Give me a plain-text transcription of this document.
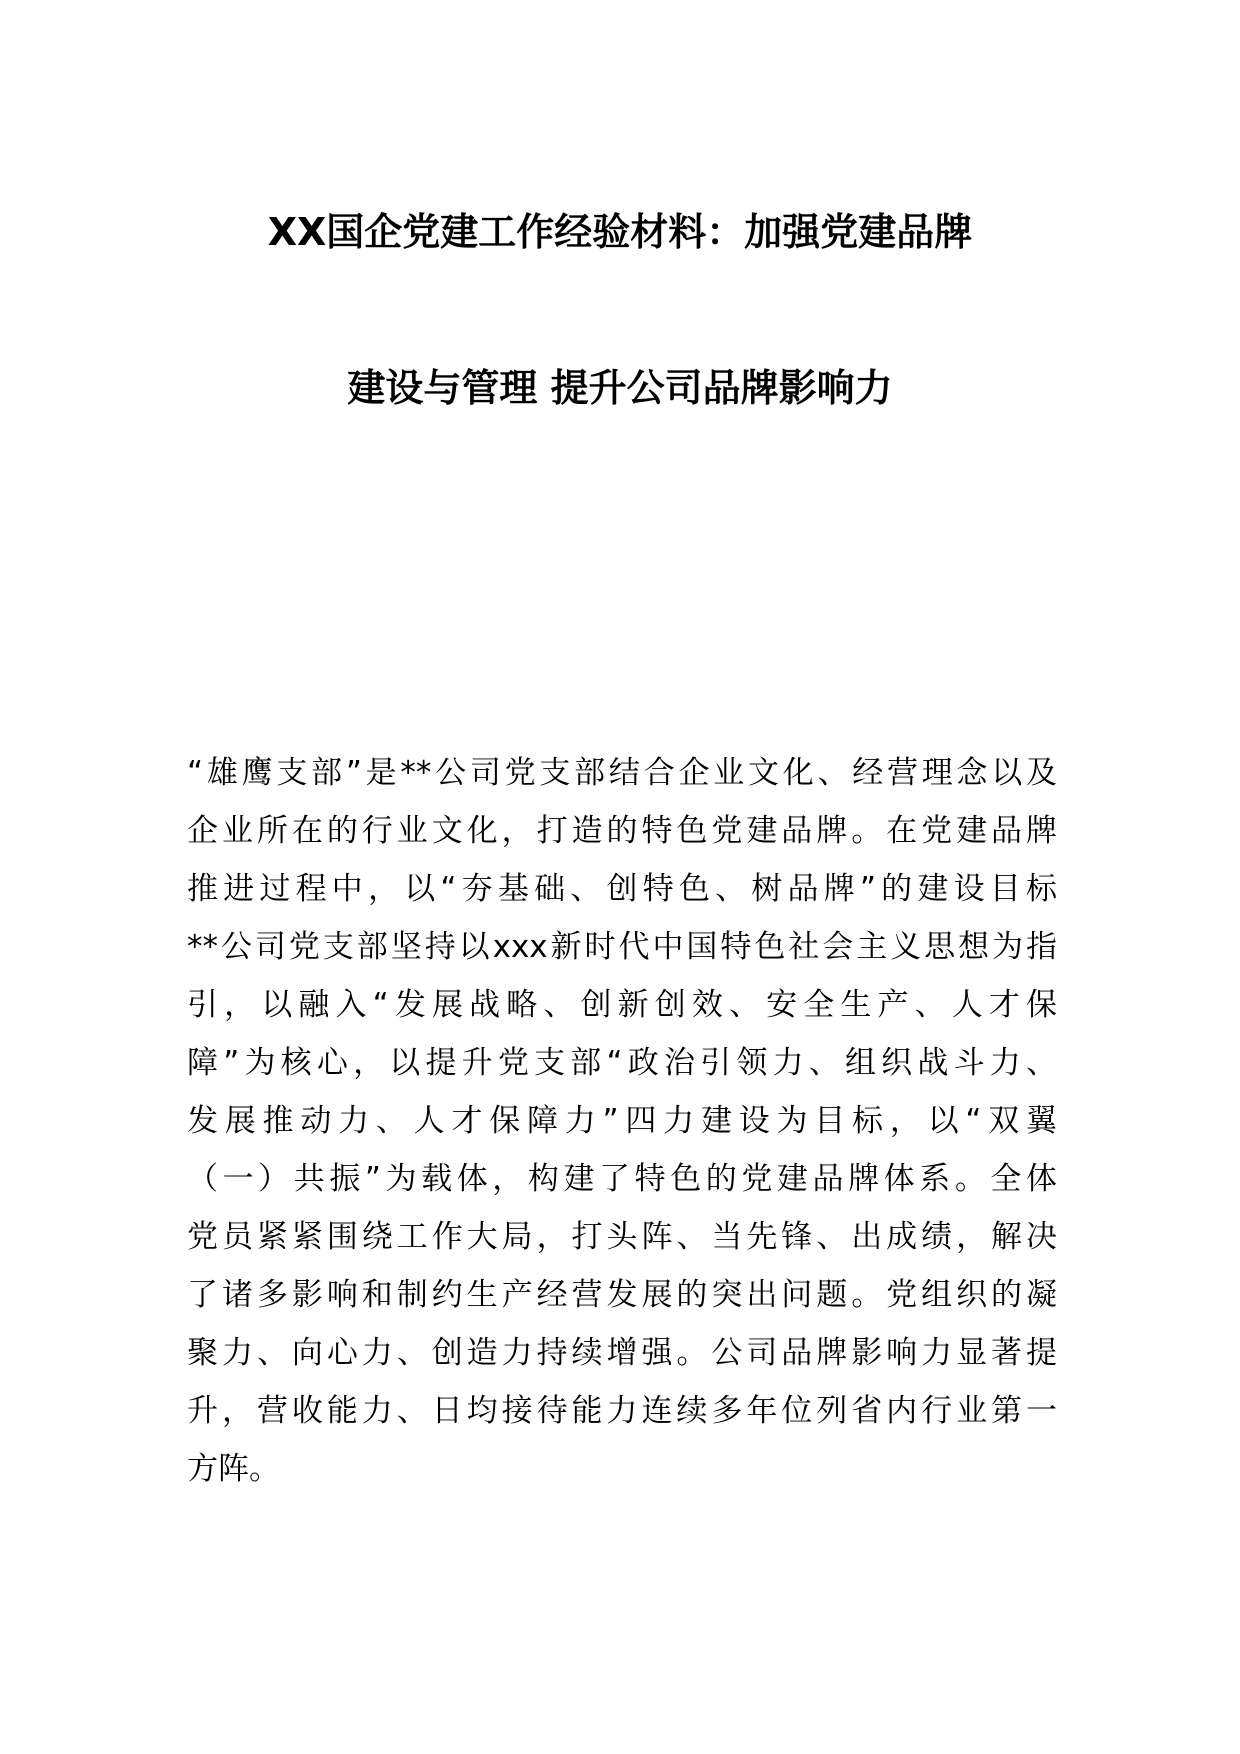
XX国企党建工作经验材料：加强党建品牌
建设与管理 提升公司品牌影响力
“雄鹰支部”是**公司党支部结合企业文化、经营理念以及
企业所在的行业文化，打造的特色党建品牌。在党建品牌
推进过程中，以“夯基础、创特色、树品牌”的建设目标
**公司党支部坚持以xxx新时代中国特色社会主义思想为指
引，以融入“发展战略、创新创效、安全生产、人才保
障”为核心，以提升党支部“政治引领力、组织战斗力、
发展推动力、人才保障力”四力建设为目标，以“双翼
（一）共振”为载体，构建了特色的党建品牌体系。全体
党员紧紧围绕工作大局，打头阵、当先锋、出成绩，解决
了诸多影响和制约生产经营发展的突出问题。党组织的凝
聚力、向心力、创造力持续增强。公司品牌影响力显著提
升，营收能力、日均接待能力连续多年位列省内行业第一
方阵。
